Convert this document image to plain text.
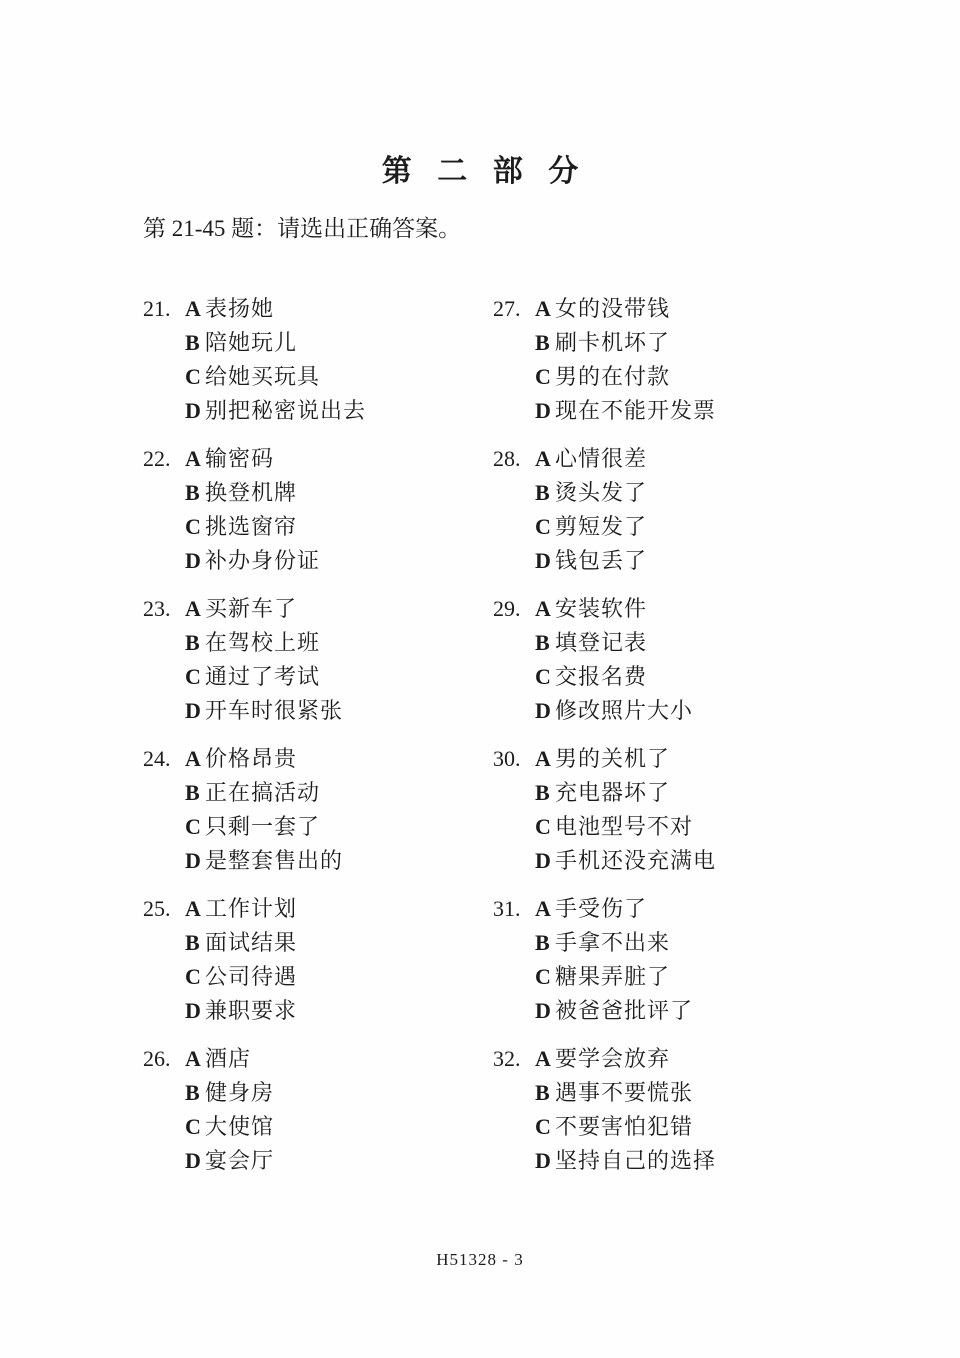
第 二 部 分

第 21-45 题：请选出正确答案。

21. A 表扬她
B 陪她玩儿
C 给她买玩具
D 别把秘密说出去
22. A 输密码
B 换登机牌
C 挑选窗帘
D 补办身份证
23. A 买新车了
B 在驾校上班
C 通过了考试
D 开车时很紧张
24. A 价格昂贵
B 正在搞活动
C 只剩一套了
D 是整套售出的
25. A 工作计划
B 面试结果
C 公司待遇
D 兼职要求
26. A 酒店
B 健身房
C 大使馆
D 宴会厅
27. A 女的没带钱
B 刷卡机坏了
C 男的在付款
D 现在不能开发票
28. A 心情很差
B 烫头发了
C 剪短发了
D 钱包丢了
29. A 安装软件
B 填登记表
C 交报名费
D 修改照片大小
30. A 男的关机了
B 充电器坏了
C 电池型号不对
D 手机还没充满电
31. A 手受伤了
B 手拿不出来
C 糖果弄脏了
D 被爸爸批评了
32. A 要学会放弃
B 遇事不要慌张
C 不要害怕犯错
D 坚持自己的选择
H51328 - 3
